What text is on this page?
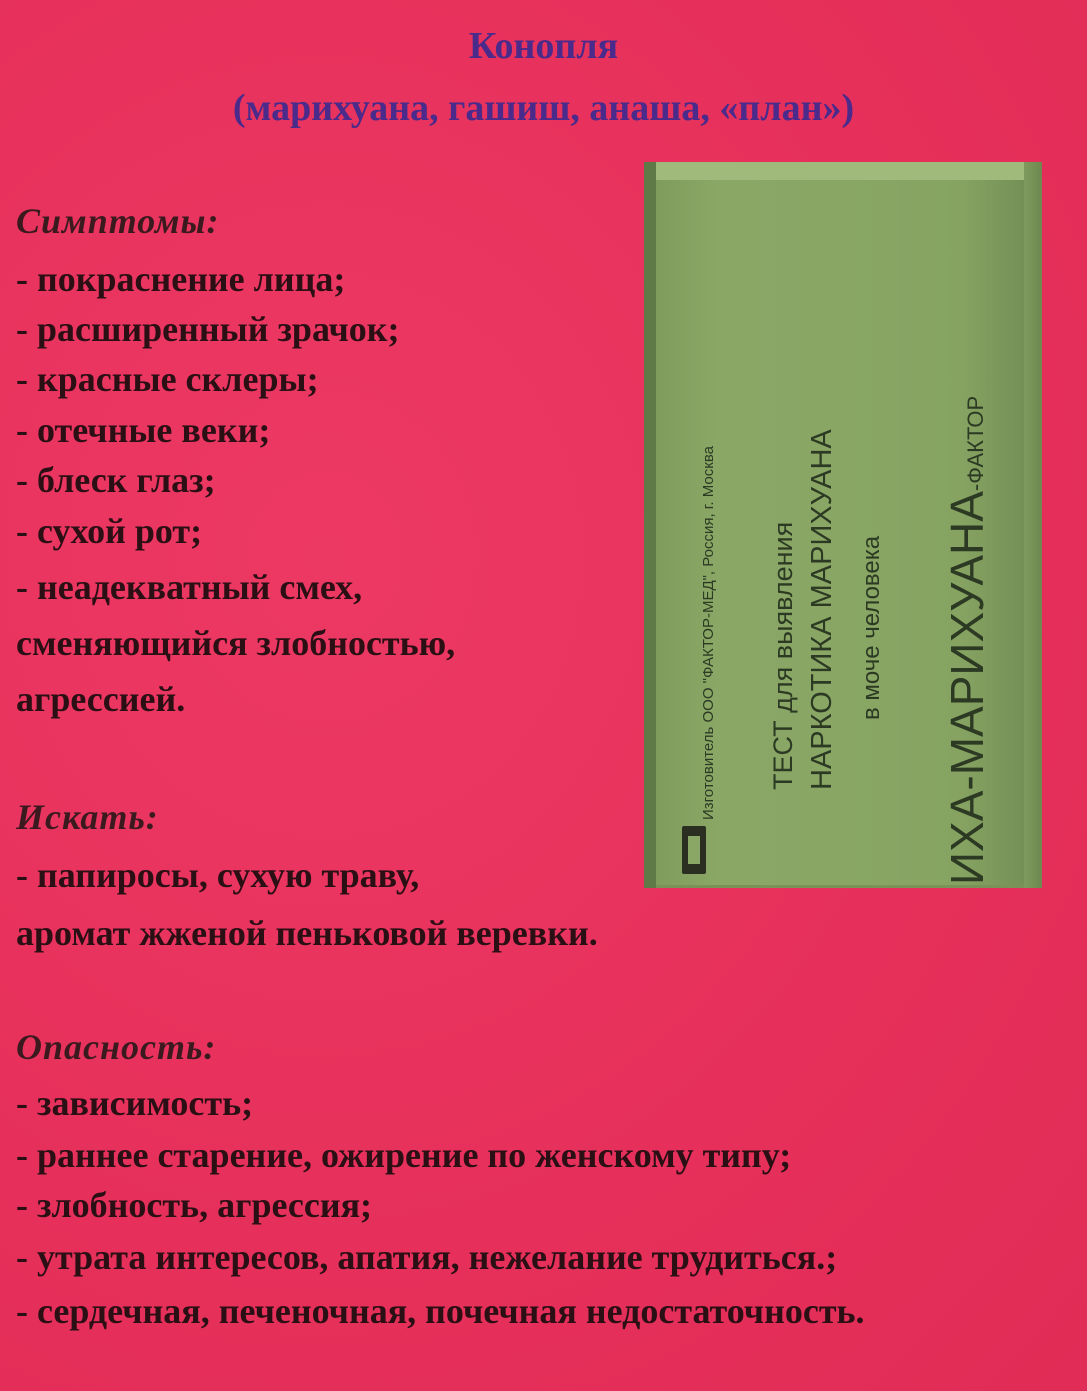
Конопля
(марихуана, гашиш, анаша, «план»)

Симптомы:

- покраснение лица;

- расширенный зрачок;

- красные склеры;

- отечные веки;

- блеск глаз;

- сухой рот;

- неадекватный смех,

сменяющийся злобностью,

агрессией.

Искать:

- папиросы, сухую траву,

аромат жженой пеньковой веревки.

Опасность:

- зависимость;

- раннее старение, ожирение по женскому типу;

- злобность, агрессия;

- утрата интересов, апатия, нежелание трудиться.;

- сердечная, печеночная, почечная недостаточность.

Изготовитель ООО "ФАКТОР-МЕД", Россия, г. Москва ТЕСТ для выявления НАРКОТИКА МАРИХУАНА в моче человека ИХА-МАРИХУАНА-ФАКТОР
